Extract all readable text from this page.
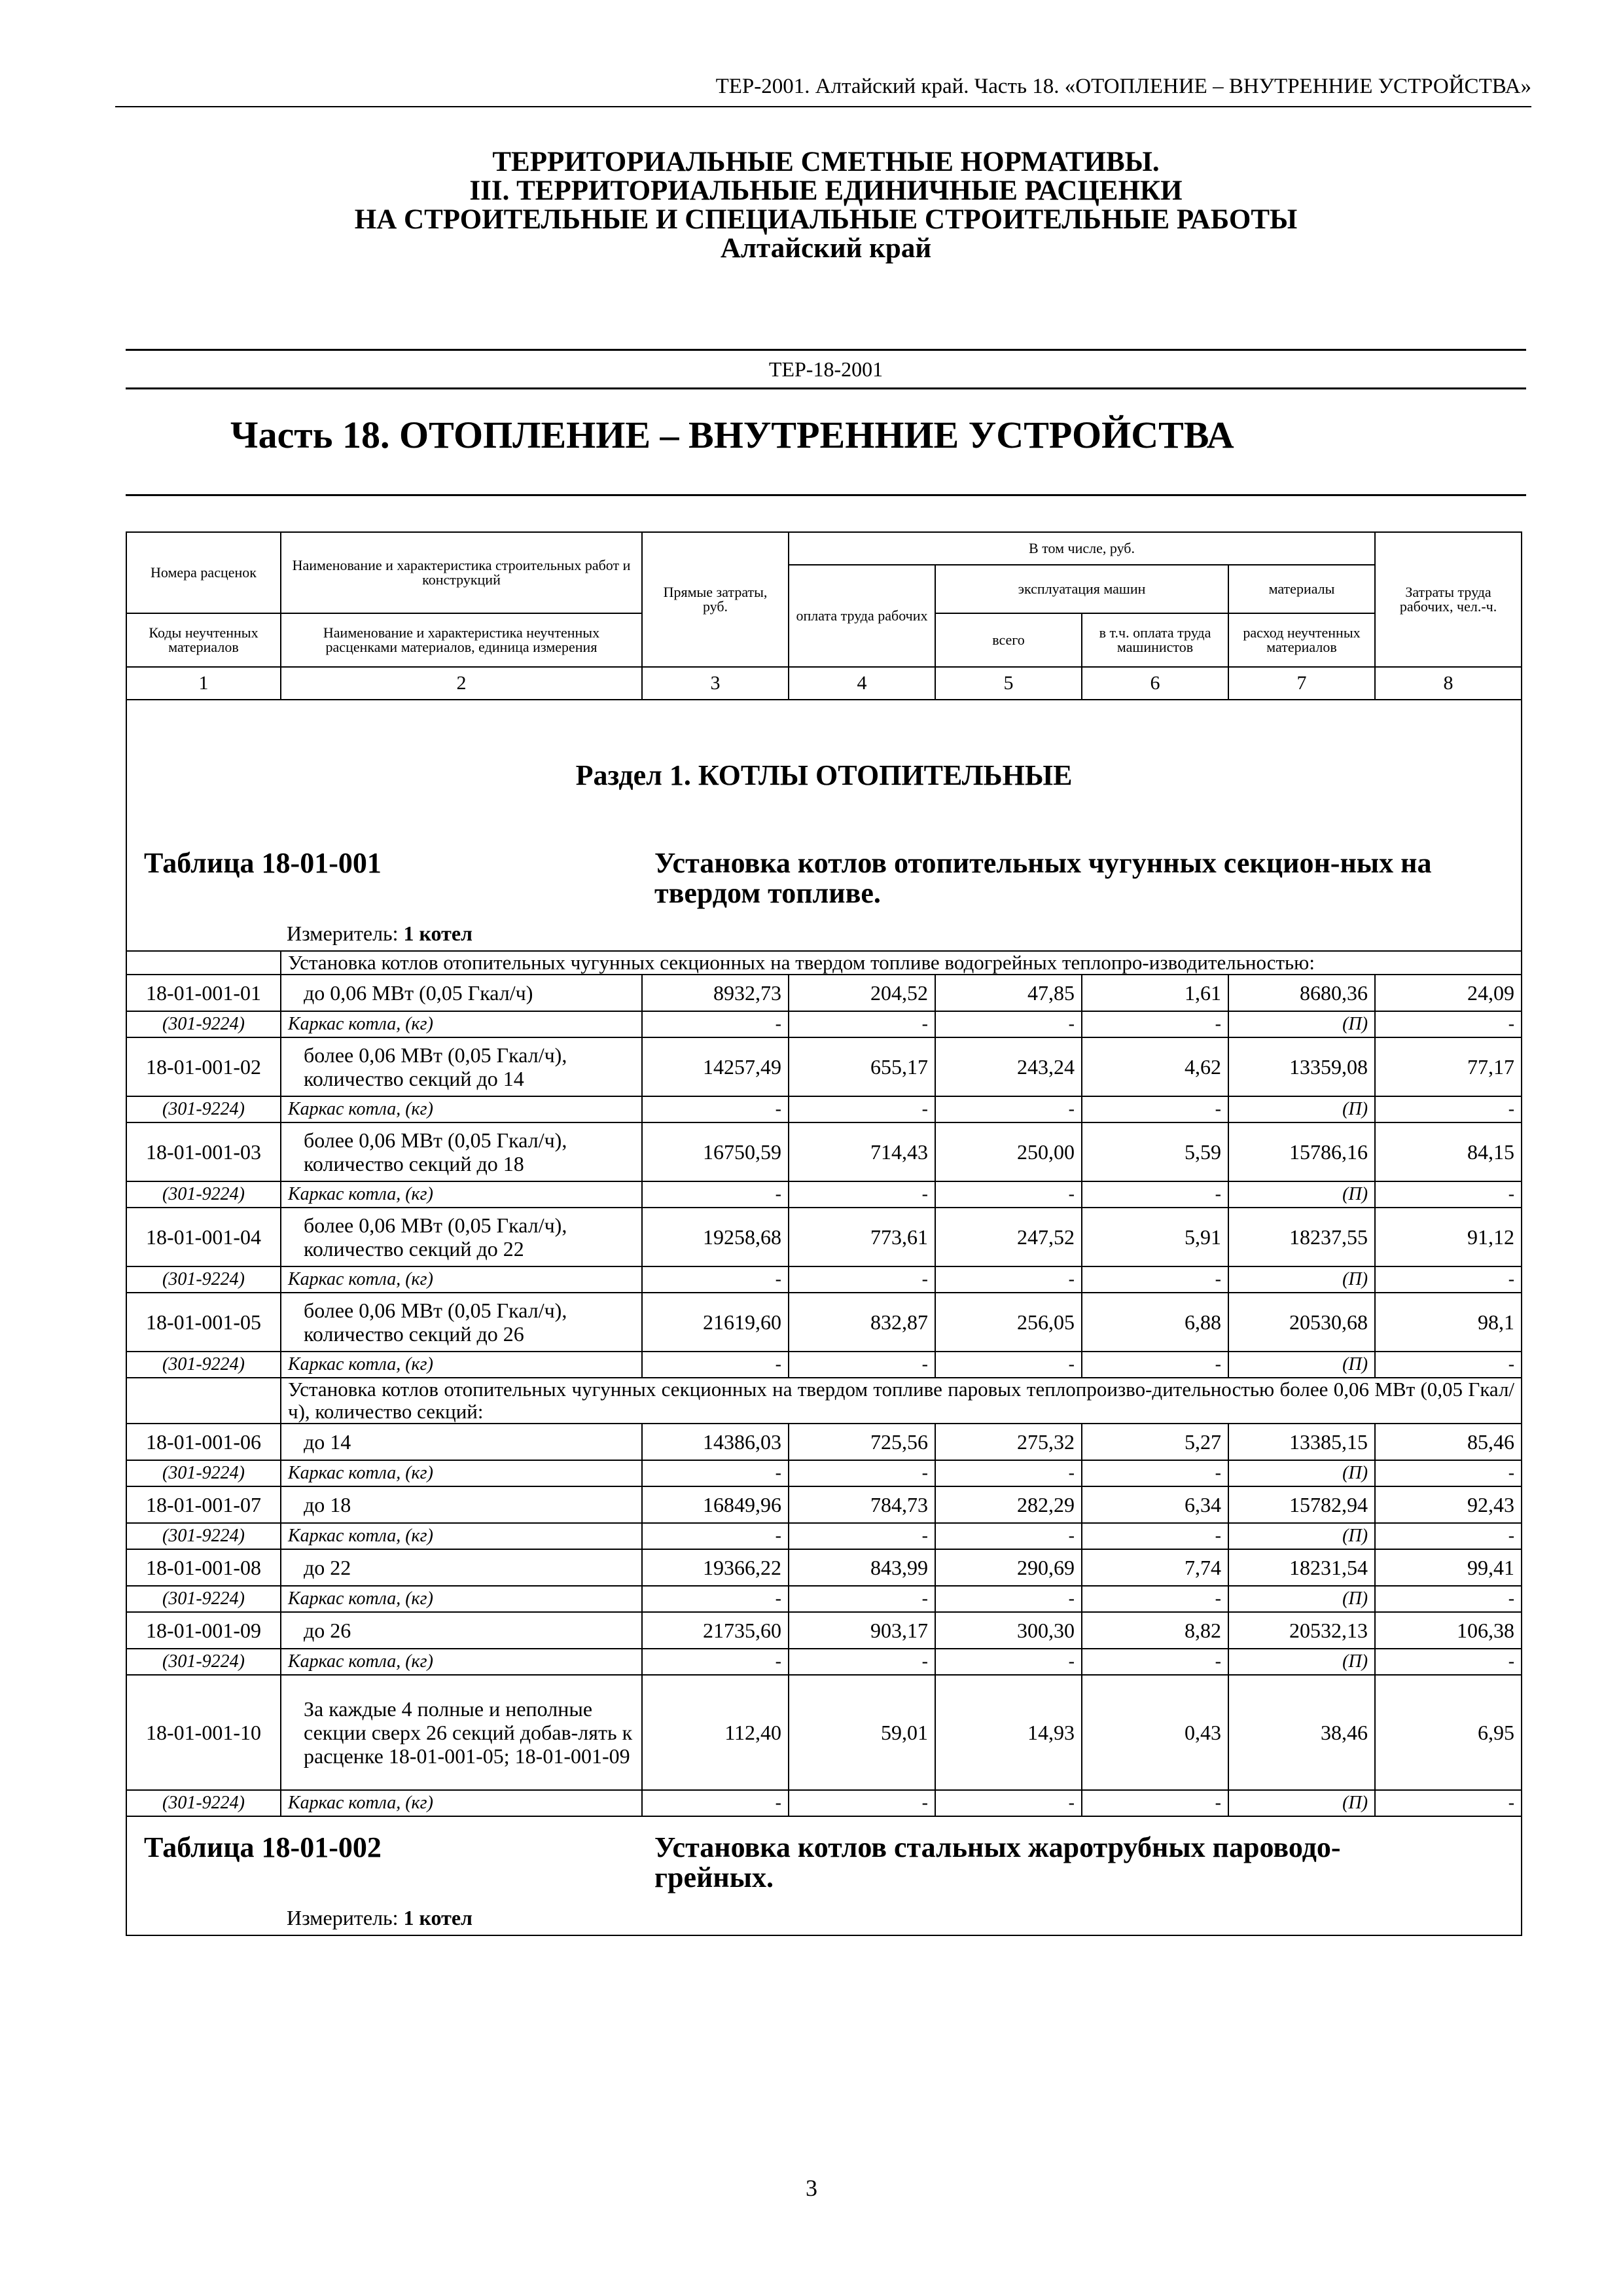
ТЕР-2001. Алтайский край. Часть 18. «ОТОПЛЕНИЕ – ВНУТРЕННИЕ УСТРОЙСТВА»
ТЕРРИТОРИАЛЬНЫЕ СМЕТНЫЕ НОРМАТИВЫ.
III. ТЕРРИТОРИАЛЬНЫЕ ЕДИНИЧНЫЕ РАСЦЕНКИ
НА СТРОИТЕЛЬНЫЕ И СПЕЦИАЛЬНЫЕ СТРОИТЕЛЬНЫЕ РАБОТЫ
Алтайский край
ТЕР-18-2001
Часть 18. ОТОПЛЕНИЕ – ВНУТРЕННИЕ УСТРОЙСТВА
Номера расценок	Наименование и характеристика строительных работ и конструкций	Прямые затраты, руб.	В том числе, руб.				Затраты труда рабочих, чел.-ч.
			оплата труда рабочих	эксплуатация машин		материалы	
Коды неучтенных материалов	Наименование и характеристика неучтенных расценками материалов, единица измерения			всего	в т.ч. оплата труда машинистов	расход неучтенных материалов	
1	2	3	4	5	6	7	8

Раздел 1. КОТЛЫ ОТОПИТЕЛЬНЫЕ
Таблица 18-01-001 Установка котлов отопительных чугунных секцион-ных на твердом топливе.
Измеритель: 1 котел							

	Установка котлов отопительных чугунных секционных на твердом топливе водогрейных теплопро-изводительностью:						
18-01-001-01	до 0,06 МВт (0,05 Гкал/ч)	8932,73	204,52	47,85	1,61	8680,36	24,09
(301-9224)	Каркас котла, (кг)	-	-	-	-	(П)	-
18-01-001-02	более 0,06 МВт (0,05 Гкал/ч), количество секций до 14	14257,49	655,17	243,24	4,62	13359,08	77,17
(301-9224)	Каркас котла, (кг)	-	-	-	-	(П)	-
18-01-001-03	более 0,06 МВт (0,05 Гкал/ч), количество секций до 18	16750,59	714,43	250,00	5,59	15786,16	84,15
(301-9224)	Каркас котла, (кг)	-	-	-	-	(П)	-
18-01-001-04	более 0,06 МВт (0,05 Гкал/ч), количество секций до 22	19258,68	773,61	247,52	5,91	18237,55	91,12
(301-9224)	Каркас котла, (кг)	-	-	-	-	(П)	-
18-01-001-05	более 0,06 МВт (0,05 Гкал/ч), количество секций до 26	21619,60	832,87	256,05	6,88	20530,68	98,1
(301-9224)	Каркас котла, (кг)	-	-	-	-	(П)	-
	Установка котлов отопительных чугунных секционных на твердом топливе паровых теплопроизво-дительностью более 0,06 МВт (0,05 Гкал/ч), количество секций:						
18-01-001-06	до 14	14386,03	725,56	275,32	5,27	13385,15	85,46
(301-9224)	Каркас котла, (кг)	-	-	-	-	(П)	-
18-01-001-07	до 18	16849,96	784,73	282,29	6,34	15782,94	92,43
(301-9224)	Каркас котла, (кг)	-	-	-	-	(П)	-
18-01-001-08	до 22	19366,22	843,99	290,69	7,74	18231,54	99,41
(301-9224)	Каркас котла, (кг)	-	-	-	-	(П)	-
18-01-001-09	до 26	21735,60	903,17	300,30	8,82	20532,13	106,38
(301-9224)	Каркас котла, (кг)	-	-	-	-	(П)	-
18-01-001-10	За каждые 4 полные и неполные секции сверх 26 секций добав-лять к расценке 18-01-001-05; 18-01-001-09	112,40	59,01	14,93	0,43	38,46	6,95
(301-9224)	Каркас котла, (кг)	-	-	-	-	(П)	-

Таблица 18-01-002 Установка котлов стальных жаротрубных пароводо-грейных.
Измеритель: 1 котел							
3
